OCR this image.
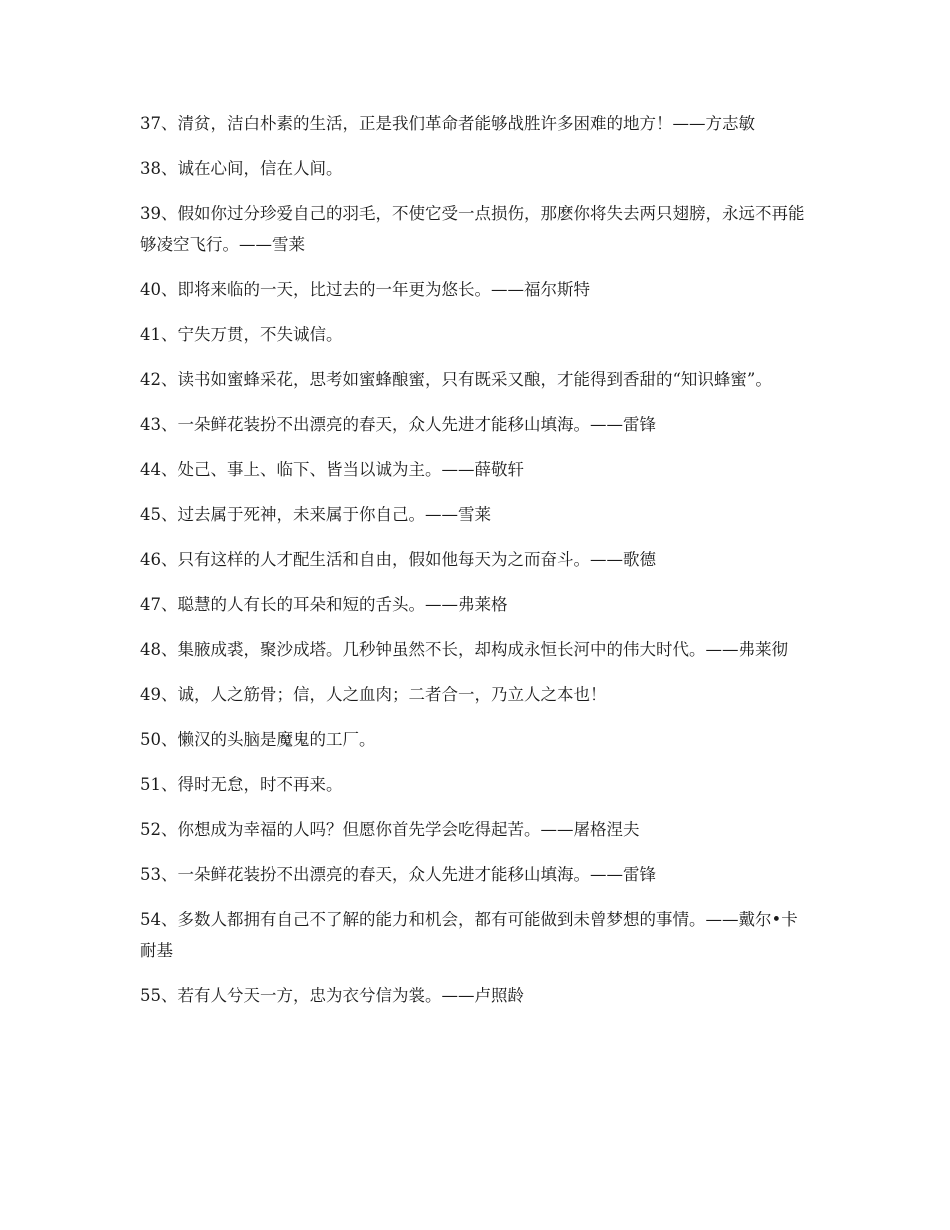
37、清贫，洁白朴素的生活，正是我们革命者能够战胜许多困难的地方！——方志敏

38、诚在心间，信在人间。

39、假如你过分珍爱自己的羽毛，不使它受一点损伤，那麽你将失去两只翅膀，永远不再能够凌空飞行。——雪莱

40、即将来临的一天，比过去的一年更为悠长。——福尔斯特

41、宁失万贯，不失诚信。

42、读书如蜜蜂采花，思考如蜜蜂酿蜜，只有既采又酿，才能得到香甜的“知识蜂蜜”。

43、一朵鲜花装扮不出漂亮的春天，众人先进才能移山填海。——雷锋

44、处己、事上、临下、皆当以诚为主。——薛敬轩

45、过去属于死神，未来属于你自己。——雪莱

46、只有这样的人才配生活和自由，假如他每天为之而奋斗。——歌德

47、聪慧的人有长的耳朵和短的舌头。——弗莱格

48、集腋成裘，聚沙成塔。几秒钟虽然不长，却构成永恒长河中的伟大时代。——弗莱彻

49、诚，人之筋骨；信，人之血肉；二者合一，乃立人之本也！

50、懒汉的头脑是魔鬼的工厂。

51、得时无怠，时不再来。

52、你想成为幸福的人吗？但愿你首先学会吃得起苦。——屠格涅夫

53、一朵鲜花装扮不出漂亮的春天，众人先进才能移山填海。——雷锋

54、多数人都拥有自己不了解的能力和机会，都有可能做到未曾梦想的事情。——戴尔•卡耐基

55、若有人兮天一方，忠为衣兮信为裳。——卢照龄
